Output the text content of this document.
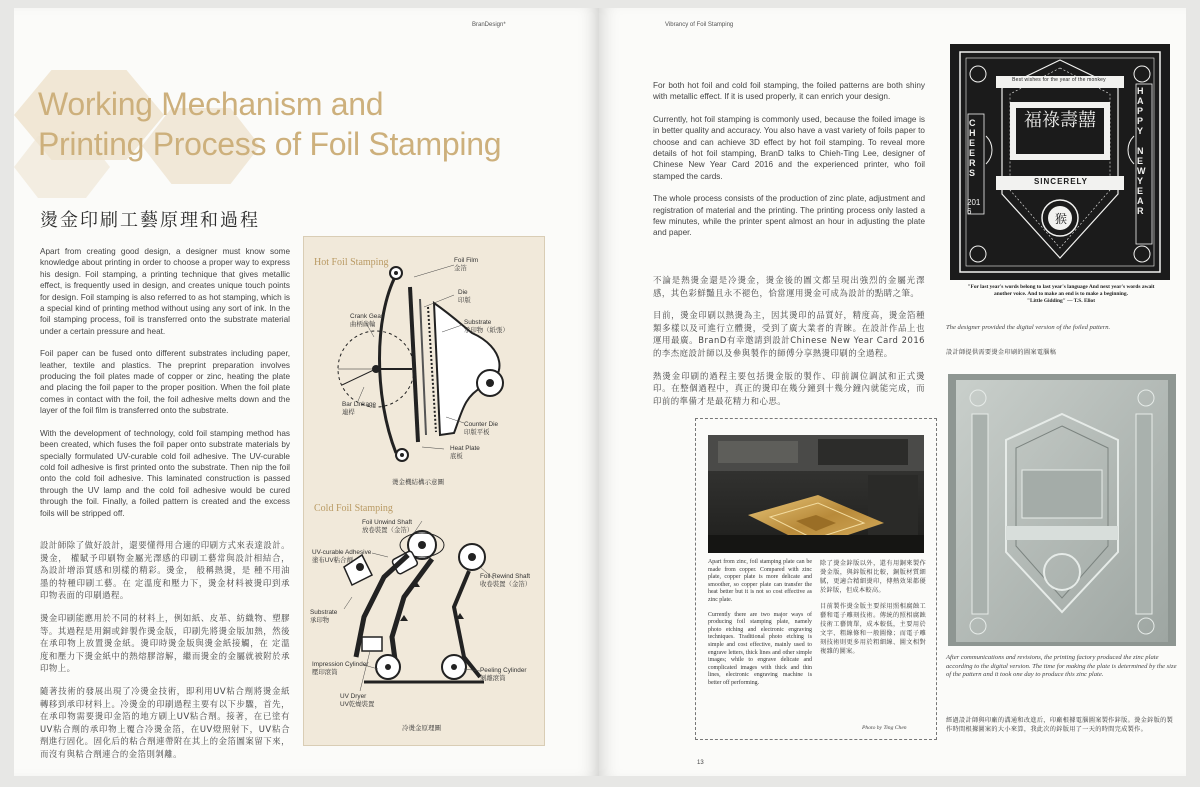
BranDesign*
Working Mechanism and
Printing Process of Foil Stamping
燙金印刷工藝原理和過程

Apart from creating good design, a designer must know some knowledge about printing in order to choose a proper way to express his design. Foil stamping, a printing technique that gives metallic effect, is frequently used in design, and creates unique touch points for design. Foil stamping is also referred to as hot stamping, which is a special kind of printing method without using any sort of ink. In the foil stamping process, foil is transferred onto the substrate material under a certain pressure and heat.

Foil paper can be fused onto different substrates including paper, leather, textile and plastics. The preprint preparation involves producing the foil plates made of copper or zinc, heating the plate and placing the foil paper to the proper position. When the foil plate comes in contact with the foil, the foil adhesive melts down and the layer of the foil film is transferred onto the substrate.

With the development of technology, cold foil stamping method has been created, which fuses the foil paper onto substrate materials by specially formulated UV-curable cold foil adhesive. The UV-curable cold foil adhesive is first printed onto the substrate. Then nip the foil onto the cold foil adhesive. This laminated construction is passed through the UV lamp and the cold foil adhesive would be cured through the foil. Finally, a foiled pattern is created and the excess foils will be stripped off.

設計師除了做好設計，還要懂得用合適的印刷方式來表達設計。燙金， 權賦予印刷物金屬光澤感的印刷工藝常與設計相結合，為設計增添質感和別樣的精彩。燙金， 般稱熱燙，是 種不用油墨的特種印刷工藝。在 定溫度和壓力下，燙金材料被燙印到承印物表面的印刷過程。

燙金印刷能應用於不同的材料上，例如紙、皮革、紡織物、塑膠等。其過程是用銅或鋅製作燙金版，印刷先將燙金版加熱，然後在承印物上放置燙金紙。燙印時燙金版與燙金紙接觸，在 定溫度和壓力下燙金紙中的熱熔膠溶解，繼而燙金的金屬就被附於承印物上。

隨著技術的發展出現了冷燙金技術，即利用UV粘合劑將燙金紙轉移到承印材料上。冷燙金的印刷過程主要有以下步驟，首先，在承印物需要燙印金箔的地方刷上UV粘合劑。接著，在已塗有UV粘合劑的承印物上覆合冷燙金箔，在UV燈照射下，UV粘合劑進行固化。固化后的粘合劑連帶附在其上的金箔圖案留下來，而沒有與粘合劑連合的金箔則剝離。

Hot Foil Stamping	Foil Film
金箔
Die
印版
Substrate
承印物（紙張）
Crank Gear
曲柄齒輪
Bar Linkage
連桿
Counter Die
印版平板
Heat Plate
底板
燙金機結構示意圖
Cold Foil Stamping
Foil Unwind Shaft
放卷裝置（金箔）
UV-curable Adhesive
塗布UV粘合劑
Foil Rewind Shaft
收卷裝置（金箔）
Substrate
承印物
Impression Cylinder
壓印滾筒	Peeling Cylinder
剝離滾筒
UV Dryer
UV乾燥裝置
冷燙金原理圖
Vibrancy of Foil Stamping

For both hot foil and cold foil stamping, the foiled patterns are both shiny with metallic effect. If it is used properly, it can enrich your design.

Currently, hot foil stamping is commonly used, because the foiled image is in better quality and accuracy. You also have a vast variety of foils paper to choose and can achieve 3D effect by hot foil stamping. To reveal more details of hot foil stamping, BranD talks to Chieh-Ting Lee, designer of Chinese New Year Card 2016 and the experienced printer, who foil stamped the cards.

The whole process consists of the production of zinc plate, adjustment and registration of material and the printing. The printing process only lasted a few minutes, while the printer spent almost an hour in adjusting the plate and paper.

不論是熱燙金還是冷燙金，燙金後的圖文都呈現出強烈的金屬光澤感，其色彩鮮豔且永不褪色，恰當運用燙金可成為設計的點睛之筆。

目前，燙金印刷以熱燙為主，因其燙印的品質好，精度高，燙金箔種類多樣以及可進行立體燙，受到了廣大業者的青睞。在設計作品上也運用最廣。BranD有幸邀請到設計Chinese New Year Card 2016的李杰庭設計師以及參與製作的師傅分享熱燙印刷的全過程。

熱燙金印刷的過程主要包括燙金版的製作、印前調位調試和正式燙印。在整個過程中，真正的燙印在幾分鐘到十幾分鐘內就能完成，而印前的準備才是最花精力和心思。

Apart from zinc, foil stamping plate can be made from copper. Compared with zinc plate, copper plate is more delicate and smoother, so copper plate can transfer the heat better but it is not so cost effective as zinc plate.

Currently there are two major ways of producing foil stamping plate, namely photo etching and electronic engraving techniques. Traditional photo etching is simple and cost effective, mainly used to engrave letters, thick lines and other simple images; while to engrave delicate and complicated images with thick and thin lines, electronic engraving machine is better off performing.

除了燙金鋅版以外，還有用銅來製作燙金版，與鋅版相比較，銅版材質細膩，更適合精細燙印，傳熱效果都優於鋅版，但成本較高。

目前製作燙金版主要採用照相腐蝕工藝和電子雕刻技術。傳統的照相腐蝕技術工藝簡單，成本較低，主要用於文字、粗線條和一般圖像；而電子雕刻技術則更多用於粗細線、圖文相對複雜的圖案。

Photo by Ting Chen
Best wishes for the year of the monkey
福祿壽囍
CHEERS
HAPPY
NEW YEAR
SINCERELY
猴
2016
"For last year's words belong to last year's language And next year's words await another voice. And to make an end is to make a beginning.
"Little Gidding" — T.S. Eliot
The designer provided the digital version of the foiled pattern.
設計師提供需要燙金印刷的圖案電腦稿
After communications and revisions, the printing factory produced the zinc plate according to the digital version. The time for making the plate is determined by the size of the pattern and it took one day to produce this zinc plate.
經過設計師與印廠的溝通和改進后，印廠根據電腦圖案製作鋅版。燙金鋅版的製作時間根據圖案的大小來算，我此次的鋅版用了一天的時間完成製作。
13
